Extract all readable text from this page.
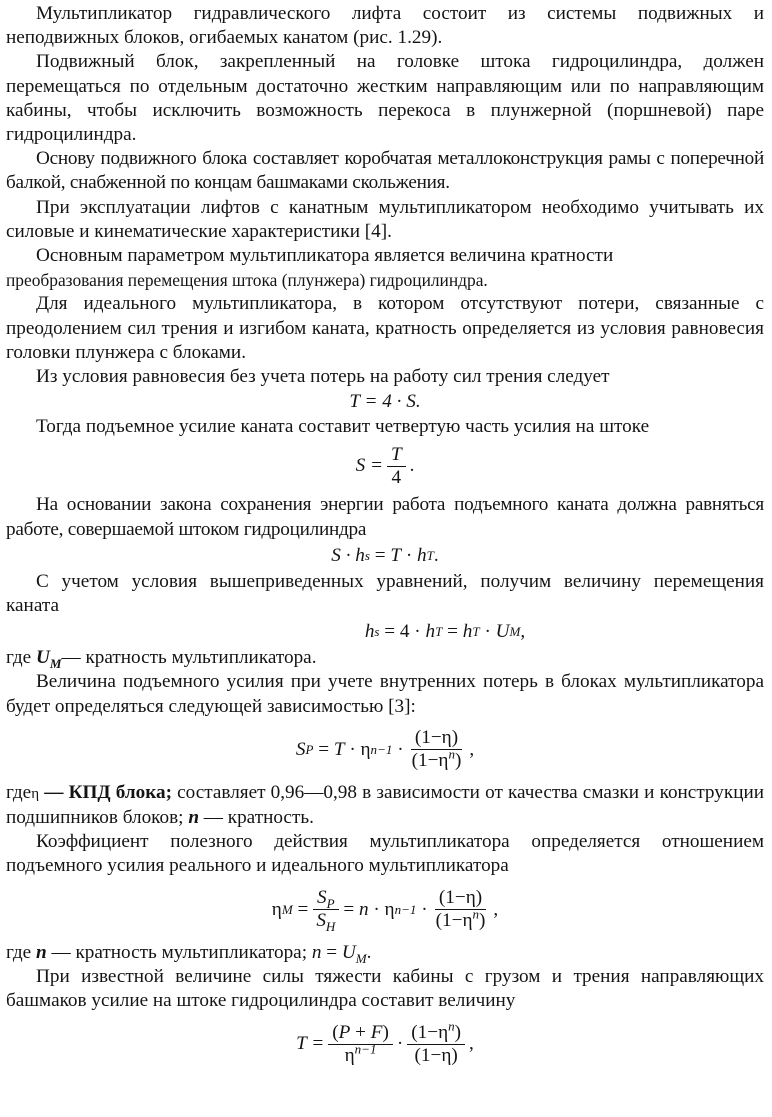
Мультипликатор гидравлического лифта состоит из системы подвижных и неподвижных блоков, огибаемых канатом (рис. 1.29).

Подвижный блок, закрепленный на головке штока гидроцилиндра, должен перемещаться по отдельным достаточно жестким направляющим или по направляющим кабины, чтобы исключить возможность перекоса в плунжерной (поршневой) паре гидроцилиндра.

Основу подвижного блока составляет коробчатая металлоконструкция рамы с поперечной балкой, снабженной по концам башмаками скольжения.

При эксплуатации лифтов с канатным мультипликатором необходимо учитывать их силовые и кинематические характеристики [4].

Основным параметром мультипликатора является величина кратности

преобразования перемещения штока (плунжера) гидроцилиндра.

Для идеального мультипликатора, в котором отсутствуют потери, связанные с преодолением сил трения и изгибом каната, кратность определяется из условия равновесия головки плунжера с блоками.

Из условия равновесия без учета потерь на работу сил трения следует

T = 4 · S.

Тогда подъемное усилие каната составит четвертую часть усилия на штоке

$S = \frac{T}{4}$ .

На основании закона сохранения энергии работа подъемного каната должна равняться работе, совершаемой штоком гидроцилиндра

S · h s = T · h T .

С учетом условия вышеприведенных уравнений, получим величину перемещения каната

h s = 4 · h T = h T · U M ,

где $U_M—$ кратность мультипликатора.

Величина подъемного усилия при учете внутренних потерь в блоках мультипликатора будет определяться следующей зависимостью [3]:

S P = T · η $n-1 \cdot \frac{(1-\eta)}{(1-\eta^n)}$ ,

гдеη — КПД блока; составляет 0,96—0,98 в зависимости от качества смазки и конструкции подшипников блоков; n — кратность.

Коэффициент полезного действия мультипликатора определяется отношением подъемного усилия реального и идеального мультипликатора

η $M = \frac{S_P}{S_H} = n \cdot \eta$ $n-1 \cdot \frac{(1-\eta)}{(1-\eta^n)}$ ,

где n — кратность мультипликатора; $n = U_M$.

При известной величине силы тяжести кабины с грузом и трения направляющих башмаков усилие на штоке гидроцилиндра составит величину

$T = \frac{(P + F)}{\eta^{n-1}} \cdot \frac{(1-\eta^n)}{(1-\eta)}$ ,
